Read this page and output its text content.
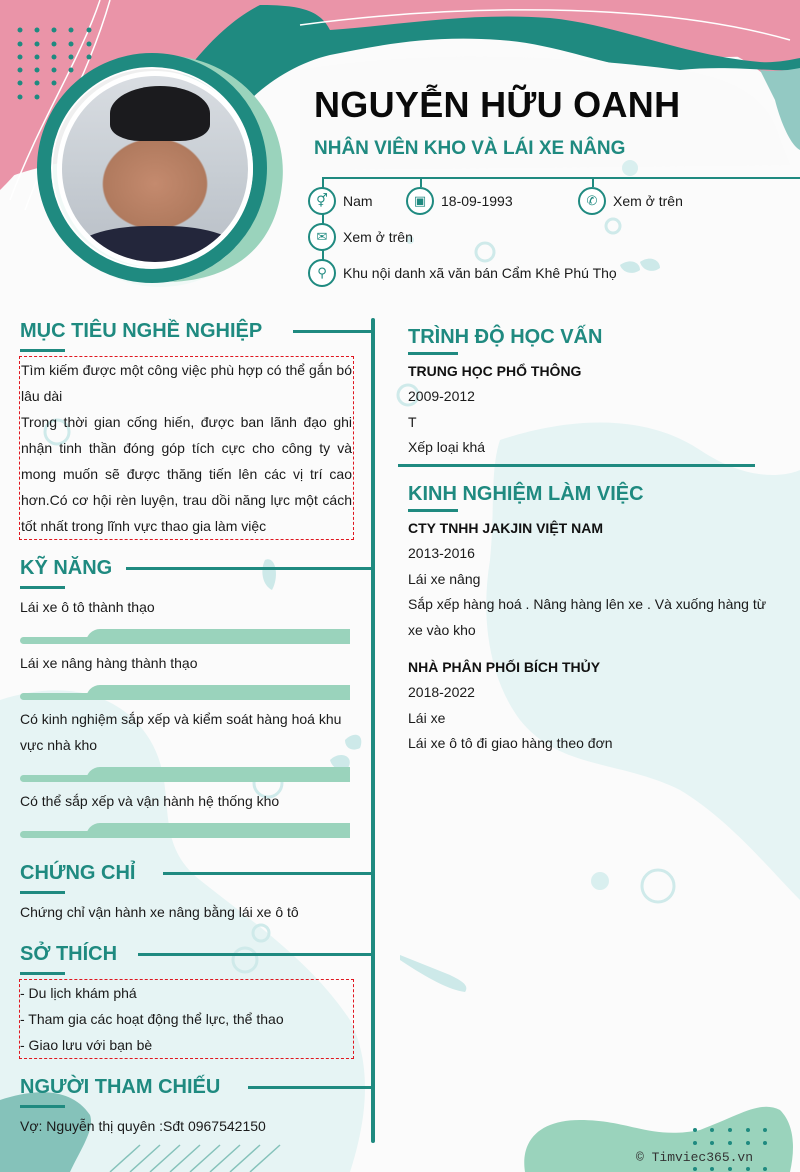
NGUYỄN HỮU OANH
NHÂN VIÊN KHO VÀ LÁI XE NÂNG
⚥	Nam	▣	18-09-1993	✆	Xem ở trên
✉	Xem ở trên
⚲	Khu nội danh xã văn bán Cẩm Khê Phú Thọ
MỤC TIÊU NGHỀ NGHIỆP
Tìm kiếm được một công việc phù hợp có thể gắn bó lâu dài
Trong thời gian cống hiến, được ban lãnh đạo ghi nhận tinh thần đóng góp tích cực cho công ty và mong muốn sẽ được thăng tiến lên các vị trí cao hơn.Có cơ hội rèn luyện, trau dồi năng lực một cách tốt nhất trong lĩnh vực thao gia làm việc
KỸ NĂNG
Lái xe ô tô thành thạo
Lái xe nâng hàng thành thạo
Có kinh nghiệm sắp xếp và kiểm soát hàng hoá khu vực nhà kho
Có thể sắp xếp và vận hành hệ thống kho
CHỨNG CHỈ
Chứng chỉ vận hành xe nâng bằng lái xe ô tô
SỞ THÍCH
- Du lịch khám phá
- Tham gia các hoạt động thể lực, thể thao
- Giao lưu với bạn bè
NGƯỜI THAM CHIẾU
Vợ: Nguyễn thị quyên :Sđt 0967542150
TRÌNH ĐỘ HỌC VẤN
TRUNG HỌC PHỔ THÔNG
2009-2012
T
Xếp loại khá
KINH NGHIỆM LÀM VIỆC
CTY TNHH JAKJIN VIỆT NAM
2013-2016
Lái xe nâng
Sắp xếp hàng hoá . Nâng hàng lên xe . Và xuống hàng từ xe vào kho
NHÀ PHÂN PHỐI BÍCH THỦY
2018-2022
Lái xe
Lái xe ô tô đi giao hàng theo đơn
© Timviec365.vn
